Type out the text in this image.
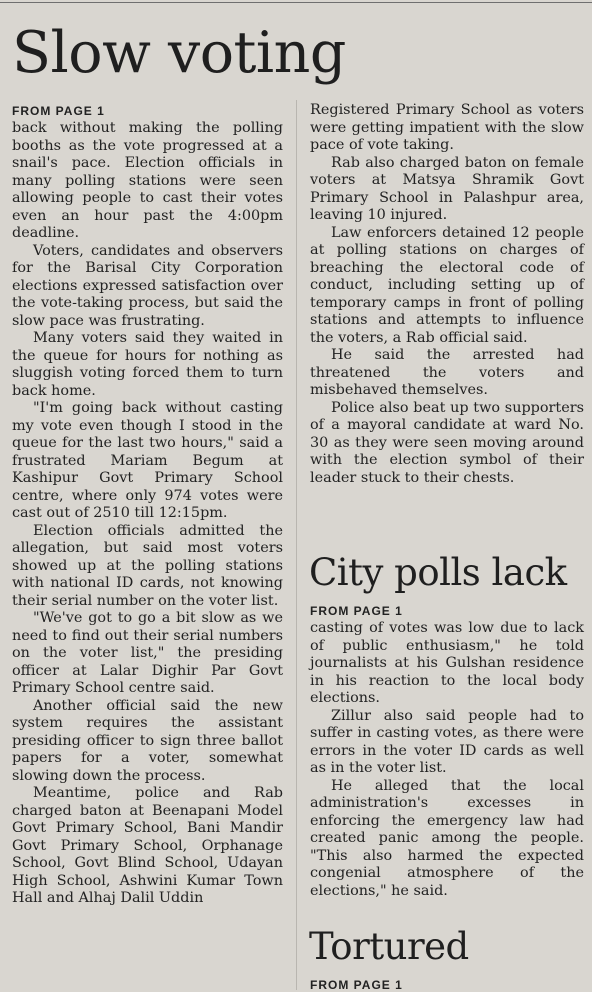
Slow voting
FROM PAGE 1

back without making the polling booths as the vote progressed at a snail's pace. Election officials in many polling stations were seen allowing people to cast their votes even an hour past the 4:00pm deadline.

Voters, candidates and observers for the Barisal City Corporation elections expressed satisfaction over the vote-taking process, but said the slow pace was frustrating.

Many voters said they waited in the queue for hours for nothing as sluggish voting forced them to turn back home.

"I'm going back without casting my vote even though I stood in the queue for the last two hours," said a frustrated Mariam Begum at Kashipur Govt Primary School centre, where only 974 votes were cast out of 2510 till 12:15pm.

Election officials admitted the allegation, but said most voters showed up at the polling stations with national ID cards, not knowing their serial number on the voter list.

"We've got to go a bit slow as we need to find out their serial numbers on the voter list," the presiding officer at Lalar Dighir Par Govt Primary School centre said.

Another official said the new system requires the assistant presiding officer to sign three ballot papers for a voter, somewhat slowing down the process.

Meantime, police and Rab charged baton at Beenapani Model Govt Primary School, Bani Mandir Govt Primary School, Orphanage School, Govt Blind School, Udayan High School, Ashwini Kumar Town Hall and Alhaj Dalil Uddin

Registered Primary School as voters were getting impatient with the slow pace of vote taking.

Rab also charged baton on female voters at Matsya Shramik Govt Primary School in Palashpur area, leaving 10 injured.

Law enforcers detained 12 people at polling stations on charges of breaching the electoral code of conduct, including setting up of temporary camps in front of polling stations and attempts to influence the voters, a Rab official said.

He said the arrested had threatened the voters and misbehaved themselves.

Police also beat up two supporters of a mayoral candidate at ward No. 30 as they were seen moving around with the election symbol of their leader stuck to their chests.

City polls lack
FROM PAGE 1

casting of votes was low due to lack of public enthusiasm," he told journalists at his Gulshan residence in his reaction to the local body elections.

Zillur also said people had to suffer in casting votes, as there were errors in the voter ID cards as well as in the voter list.

He alleged that the local administration's excesses in enforcing the emergency law had created panic among the people. "This also harmed the expected congenial atmosphere of the elections," he said.

Tortured
FROM PAGE 1
